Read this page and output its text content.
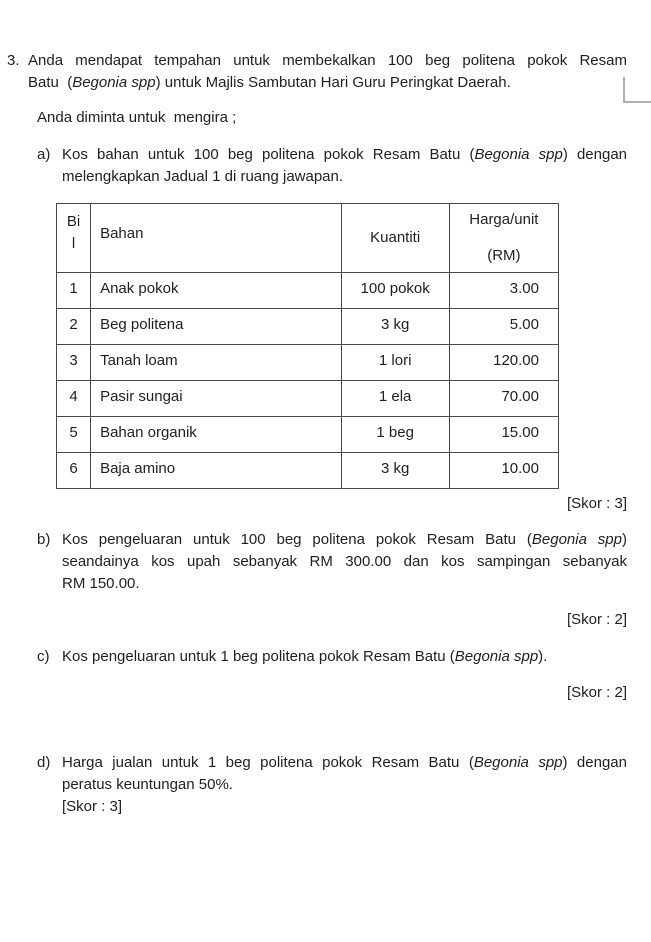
3. Anda mendapat tempahan untuk membekalkan 100 beg politena pokok Resam
Batu  (Begonia spp) untuk Majlis Sambutan Hari Guru Peringkat Daerah.
Anda diminta untuk  mengira ;
a) Kos bahan untuk 100 beg politena pokok Resam Batu (Begonia spp) dengan
melengkapkan Jadual 1 di ruang jawapan.
Bil	Bahan	Kuantiti	Harga/unit
(RM)

1	Anak pokok	100 pokok	3.00
2	Beg politena	3 kg	5.00
3	Tanah loam	1 lori	120.00
4	Pasir sungai	1 ela	70.00
5	Bahan organik	1 beg	15.00
6	Baja amino	3 kg	10.00
[Skor : 3]
b) Kos pengeluaran untuk 100 beg politena pokok Resam Batu (Begonia spp)
seandainya kos upah sebanyak RM 300.00 dan kos sampingan sebanyak
RM 150.00.
[Skor : 2]
c) Kos pengeluaran untuk 1 beg politena pokok Resam Batu (Begonia spp).
[Skor : 2]
d) Harga jualan untuk 1 beg politena pokok Resam Batu (Begonia spp) dengan
peratus keuntungan 50%.
[Skor : 3]
